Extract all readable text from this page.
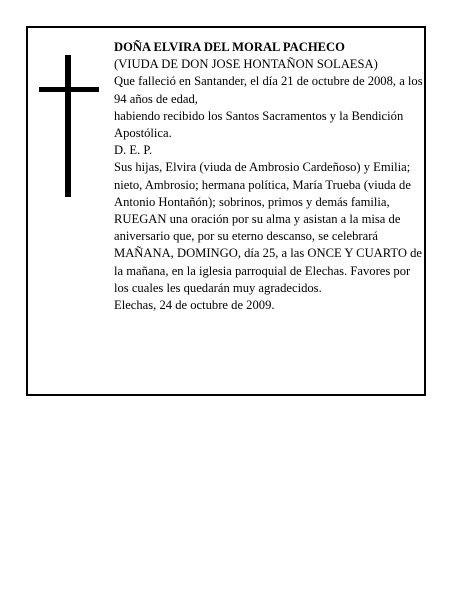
DOÑA ELVIRA DEL MORAL PACHECO

(VIUDA DE DON JOSE HONTAÑON SOLAESA)

Que falleció en Santander, el día 21 de octubre de 2008, a los 94 años de edad,

habiendo recibido los Santos Sacramentos y la Bendición Apostólica.

D. E. P.

Sus hijas, Elvira (viuda de Ambrosio Cardeñoso) y Emilia; nieto, Ambrosio; hermana política, María Trueba (viuda de Antonio Hontañón); sobrinos, primos y demás familia,

RUEGAN una oración por su alma y asistan a la misa de aniversario que, por su eterno descanso, se celebrará MAÑANA, DOMINGO, día 25, a las ONCE Y CUARTO de la mañana, en la iglesia parroquial de Elechas. Favores por los cuales les quedarán muy agradecidos.

Elechas, 24 de octubre de 2009.
